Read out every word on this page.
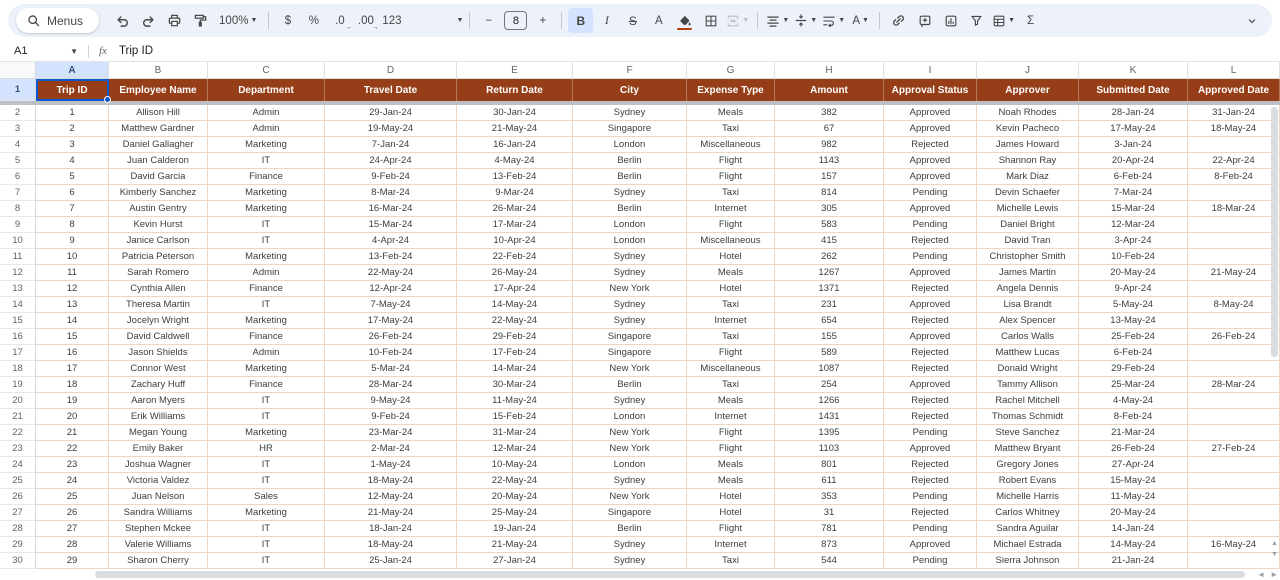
Menus	100% ▼	$	%	.0
←
.00
→
123	▼	−	8	+	B I S	A	▼	▼	▼	▼ A ▼	▼	Σ
A1	▼ fx Trip ID
A	B	C	D	E	F	G	H	I	J	K	L
1	Trip ID	Employee Name	Department	Travel Date	Return Date	City	Expense Type	Amount	Approval Status	Approver	Submitted Date	Approved Date
2	1	Allison Hill	Admin	29-Jan-24	30-Jan-24	Sydney	Meals	382	Approved	Noah Rhodes	28-Jan-24	31-Jan-24
3	2	Matthew Gardner	Admin	19-May-24	21-May-24	Singapore	Taxi	67	Approved	Kevin Pacheco	17-May-24	18-May-24
4	3	Daniel Gallagher	Marketing	7-Jan-24	16-Jan-24	London	Miscellaneous	982	Rejected	James Howard	3-Jan-24
5	4	Juan Calderon	IT	24-Apr-24	4-May-24	Berlin	Flight	1143	Approved	Shannon Ray	20-Apr-24	22-Apr-24
6	5	David Garcia	Finance	9-Feb-24	13-Feb-24	Berlin	Flight	157	Approved	Mark Diaz	6-Feb-24	8-Feb-24
7	6	Kimberly Sanchez	Marketing	8-Mar-24	9-Mar-24	Sydney	Taxi	814	Pending	Devin Schaefer	7-Mar-24
8	7	Austin Gentry	Marketing	16-Mar-24	26-Mar-24	Berlin	Internet	305	Approved	Michelle Lewis	15-Mar-24	18-Mar-24
9	8	Kevin Hurst	IT	15-Mar-24	17-Mar-24	London	Flight	583	Pending	Daniel Bright	12-Mar-24
10	9	Janice Carlson	IT	4-Apr-24	10-Apr-24	London	Miscellaneous	415	Rejected	David Tran	3-Apr-24
11	10	Patricia Peterson	Marketing	13-Feb-24	22-Feb-24	Sydney	Hotel	262	Pending	Christopher Smith	10-Feb-24
12	11	Sarah Romero	Admin	22-May-24	26-May-24	Sydney	Meals	1267	Approved	James Martin	20-May-24	21-May-24
13	12	Cynthia Allen	Finance	12-Apr-24	17-Apr-24	New York	Hotel	1371	Rejected	Angela Dennis	9-Apr-24
14	13	Theresa Martin	IT	7-May-24	14-May-24	Sydney	Taxi	231	Approved	Lisa Brandt	5-May-24	8-May-24
15	14	Jocelyn Wright	Marketing	17-May-24	22-May-24	Sydney	Internet	654	Rejected	Alex Spencer	13-May-24
16	15	David Caldwell	Finance	26-Feb-24	29-Feb-24	Singapore	Taxi	155	Approved	Carlos Walls	25-Feb-24	26-Feb-24
17	16	Jason Shields	Admin	10-Feb-24	17-Feb-24	Singapore	Flight	589	Rejected	Matthew Lucas	6-Feb-24
18	17	Connor West	Marketing	5-Mar-24	14-Mar-24	New York	Miscellaneous	1087	Rejected	Donald Wright	29-Feb-24
19	18	Zachary Huff	Finance	28-Mar-24	30-Mar-24	Berlin	Taxi	254	Approved	Tammy Allison	25-Mar-24	28-Mar-24
20	19	Aaron Myers	IT	9-May-24	11-May-24	Sydney	Meals	1266	Rejected	Rachel Mitchell	4-May-24
21	20	Erik Williams	IT	9-Feb-24	15-Feb-24	London	Internet	1431	Rejected	Thomas Schmidt	8-Feb-24
22	21	Megan Young	Marketing	23-Mar-24	31-Mar-24	New York	Flight	1395	Pending	Steve Sanchez	21-Mar-24
23	22	Emily Baker	HR	2-Mar-24	12-Mar-24	New York	Flight	1103	Approved	Matthew Bryant	26-Feb-24	27-Feb-24
24	23	Joshua Wagner	IT	1-May-24	10-May-24	London	Meals	801	Rejected	Gregory Jones	27-Apr-24
25	24	Victoria Valdez	IT	18-May-24	22-May-24	Sydney	Meals	611	Rejected	Robert Evans	15-May-24
26	25	Juan Nelson	Sales	12-May-24	20-May-24	New York	Hotel	353	Pending	Michelle Harris	11-May-24
27	26	Sandra Williams	Marketing	21-May-24	25-May-24	Singapore	Hotel	31	Rejected	Carlos Whitney	20-May-24
28	27	Stephen Mckee	IT	18-Jan-24	19-Jan-24	Berlin	Flight	781	Pending	Sandra Aguilar	14-Jan-24
29	28	Valerie Williams	IT	18-May-24	21-May-24	Sydney	Internet	873	Approved	Michael Estrada	14-May-24	16-May-24
30	29	Sharon Cherry	IT	25-Jan-24	27-Jan-24	Sydney	Taxi	544	Pending	Sierra Johnson	21-Jan-24
▲
▼
◄ ►
